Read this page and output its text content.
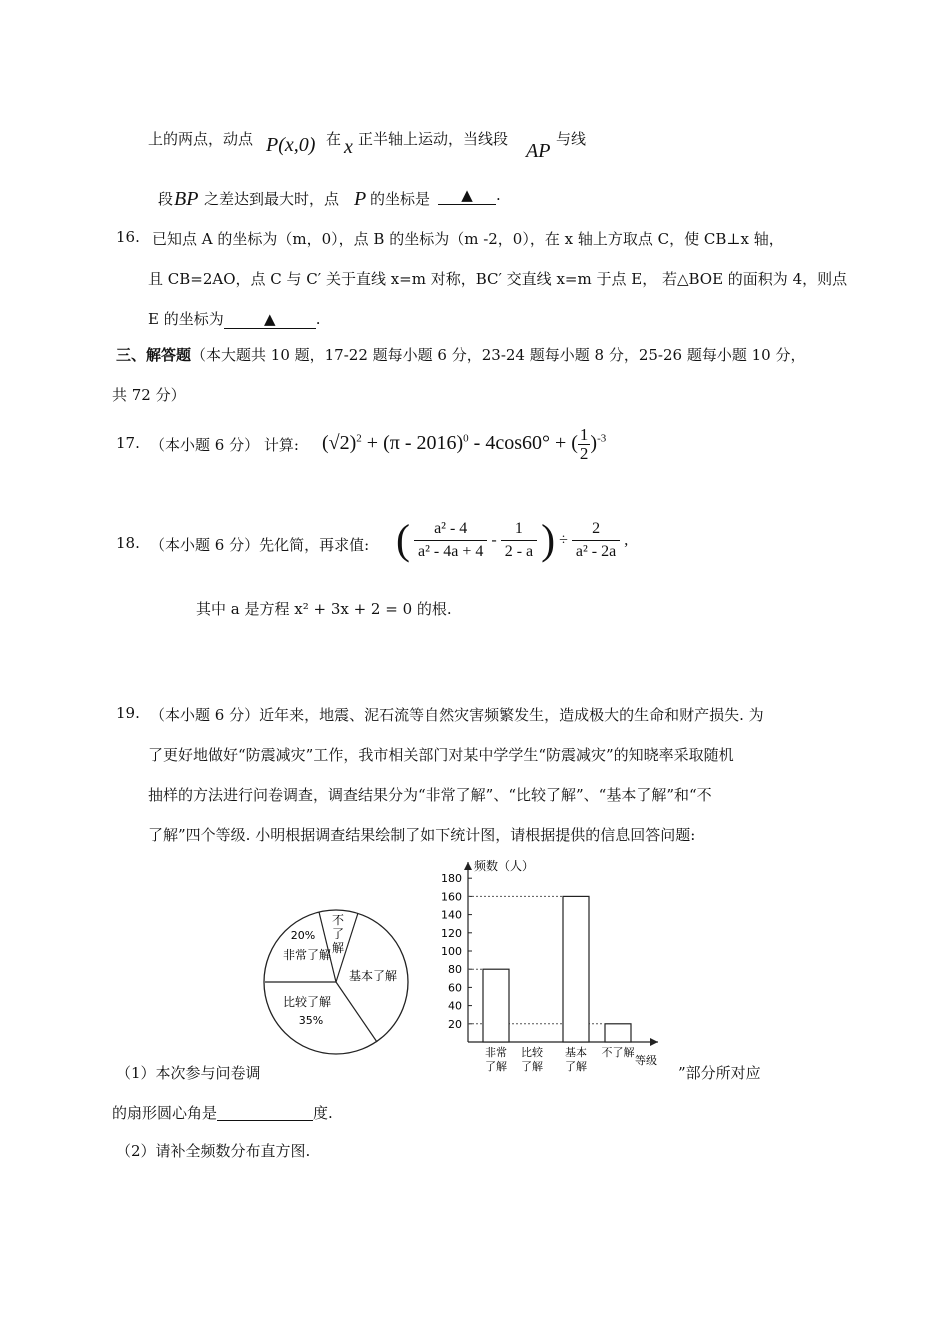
上的两点，动点 P(x,0) 在 x 正半轴上运动，当线段
AP
与线
段 BP 之差达到最大时，点 P 的坐标是	▲ .
16. 已知点 A 的坐标为（m，0），点 B 的坐标为（m -2，0），在 x 轴上方取点 C，使 CB⊥x 轴，
且 CB=2AO，点 C 与 C′ 关于直线 x=m 对称，BC′ 交直线 x=m 于点 E， 若△BOE 的面积为 4，则点
E 的坐标为	▲	.
三、解答题（本大题共 10 题，17-22 题每小题 6 分，23-24 题每小题 8 分，25-26 题每小题 10 分，
共 72 分）
17. （本小题 6 分） 计算: $(√2)^2 + (\pi - 2016)^0 - 4\cos 60^\circ$ + ( $\frac{1}{2} )^{-3}$
18. （本小题 6 分）先化简，再求值: ( $\frac{\text{a² - 4}}{\text{a² - 4a + 4}} - \frac{1}{2 - a}$ ) ÷ $\frac{2}{\text{a² - 2a}}$ ,
其中 a 是方程 x² + 3x + 2 = 0 的根.
19. （本小题 6 分）近年来，地震、泥石流等自然灾害频繁发生，造成极大的生命和财产损失. 为
了更好地做好“防震减灾”工作，我市相关部门对某中学学生“防震减灾”的知晓率采取随机
抽样的方法进行问卷调查，调查结果分为“非常了解”、“比较了解”、“基本了解”和“不
了解”四个等级. 小明根据调查结果绘制了如下统计图，请根据提供的信息回答问题:
不了解
20%
非常了解
基本了解
比较了解
35%
频数（人）
等级
20
40
60
80
100
120
140
160
180
非常
了解
比较
了解
基本
了解
不了解
（1）本次参与问卷调	”部分所对应
的扇形圆心角是	度.
（2）请补全频数分布直方图.
